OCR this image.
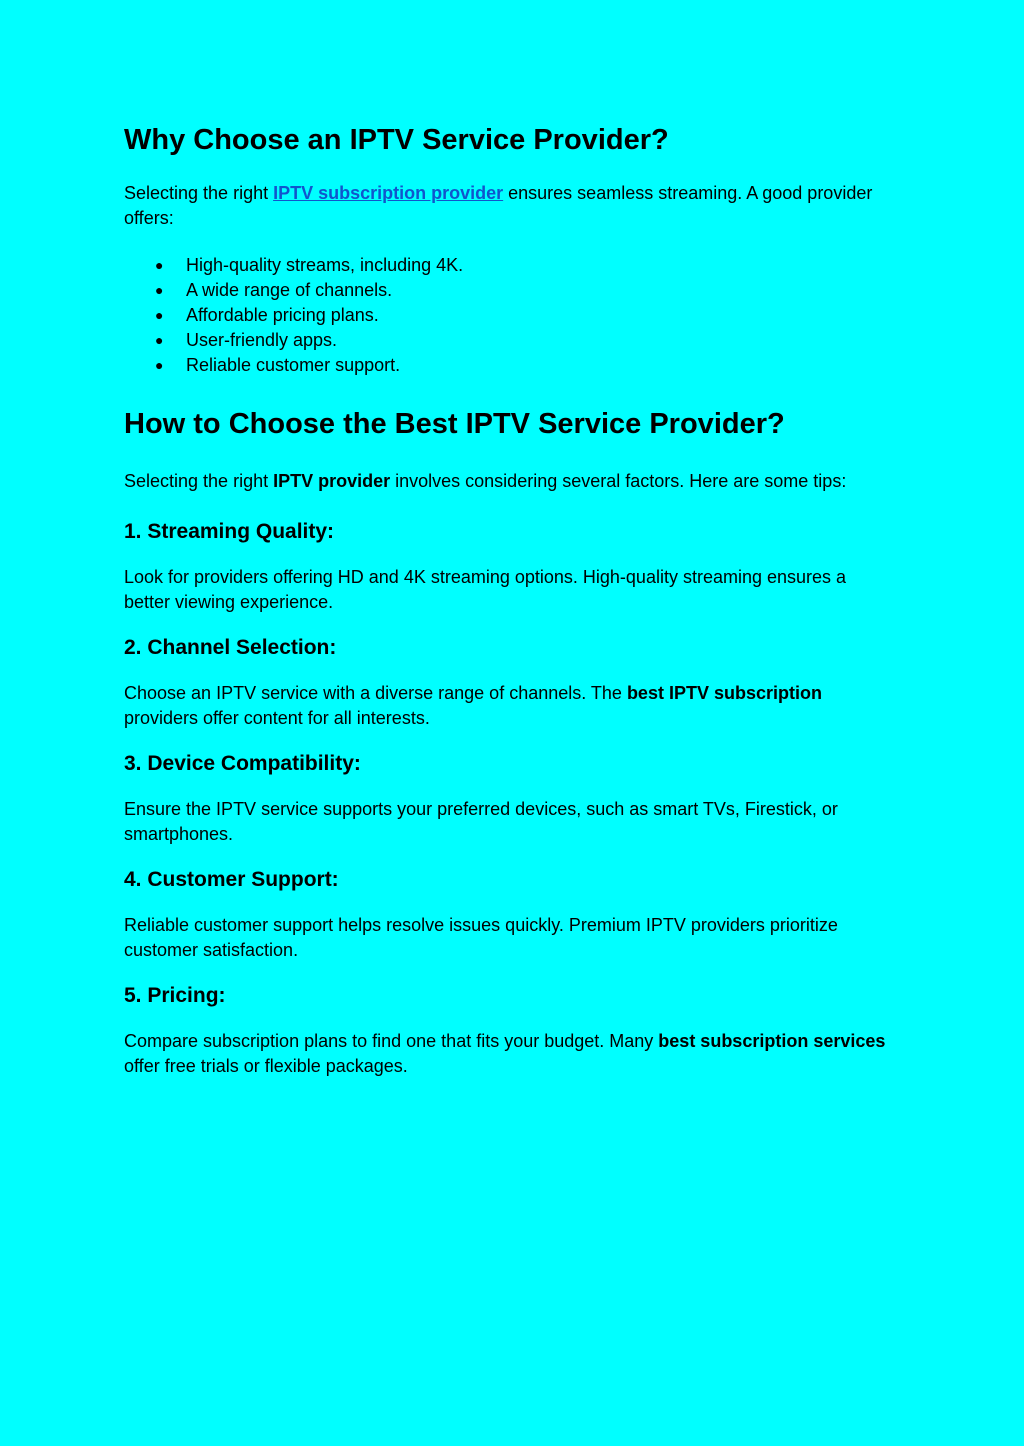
Why Choose an IPTV Service Provider?

Selecting the right IPTV subscription provider ensures seamless streaming. A good provider offers:

● High-quality streams, including 4K.
● A wide range of channels.
● Affordable pricing plans.
● User-friendly apps.
● Reliable customer support.
How to Choose the Best IPTV Service Provider?

Selecting the right IPTV provider involves considering several factors. Here are some tips:

1. Streaming Quality:

Look for providers offering HD and 4K streaming options. High-quality streaming ensures a better viewing experience.

2. Channel Selection:

Choose an IPTV service with a diverse range of channels. The best IPTV subscription providers offer content for all interests.

3. Device Compatibility:

Ensure the IPTV service supports your preferred devices, such as smart TVs, Firestick, or smartphones.

4. Customer Support:

Reliable customer support helps resolve issues quickly. Premium IPTV providers prioritize customer satisfaction.

5. Pricing:

Compare subscription plans to find one that fits your budget. Many best subscription services offer free trials or flexible packages.
